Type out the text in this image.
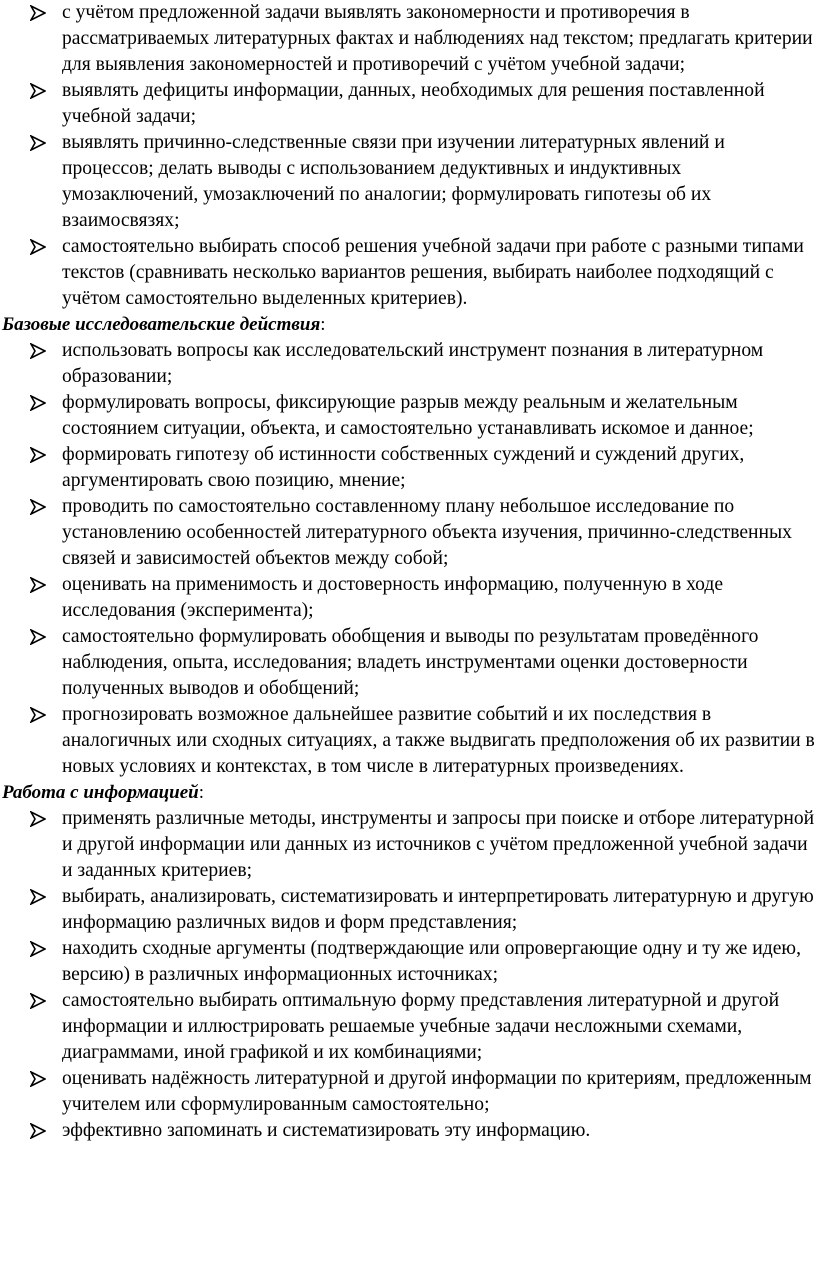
с учётом предложенной задачи выявлять закономерности и противоречия в рассматриваемых литературных фактах и наблюдениях над текстом; предлагать критерии для выявления закономерностей и противоречий с учётом учебной задачи;
выявлять дефициты информации, данных, необходимых для решения поставленной учебной задачи;
выявлять причинно-следственные связи при изучении литературных явлений и процессов; делать выводы с использованием дедуктивных и индуктивных умозаключений, умозаключений по аналогии; формулировать гипотезы об их взаимосвязях;
самостоятельно выбирать способ решения учебной задачи при работе с разными типами текстов (сравнивать несколько вариантов решения, выбирать наиболее подходящий с учётом самостоятельно выделенных критериев).

Базовые исследовательские действия:

использовать вопросы как исследовательский инструмент познания в литературном образовании;
формулировать вопросы, фиксирующие разрыв между реальным и желательным состоянием ситуации, объекта, и самостоятельно устанавливать искомое и данное;
формировать гипотезу об истинности собственных суждений и суждений других, аргументировать свою позицию, мнение;
проводить по самостоятельно составленному плану небольшое исследование по установлению особенностей литературного объекта изучения, причинно-следственных связей и зависимостей объектов между собой;
оценивать на применимость и достоверность информацию, полученную в ходе исследования (эксперимента);
самостоятельно формулировать обобщения и выводы по результатам проведённого наблюдения, опыта, исследования; владеть инструментами оценки достоверности полученных выводов и обобщений;
прогнозировать возможное дальнейшее развитие событий и их последствия в аналогичных или сходных ситуациях, а также выдвигать предположения об их развитии в новых условиях и контекстах, в том числе в литературных произведениях.

Работа с информацией:

применять различные методы, инструменты и запросы при поиске и отборе литературной и другой информации или данных из источников с учётом предложенной учебной задачи и заданных критериев;
выбирать, анализировать, систематизировать и интерпретировать литературную и другую информацию различных видов и форм представления;
находить сходные аргументы (подтверждающие или опровергающие одну и ту же идею, версию) в различных информационных источниках;
самостоятельно выбирать оптимальную форму представления литературной и другой информации и иллюстрировать решаемые учебные задачи несложными схемами, диаграммами, иной графикой и их комбинациями;
оценивать надёжность литературной и другой информации по критериям, предложенным учителем или сформулированным самостоятельно;
эффективно запоминать и систематизировать эту информацию.
